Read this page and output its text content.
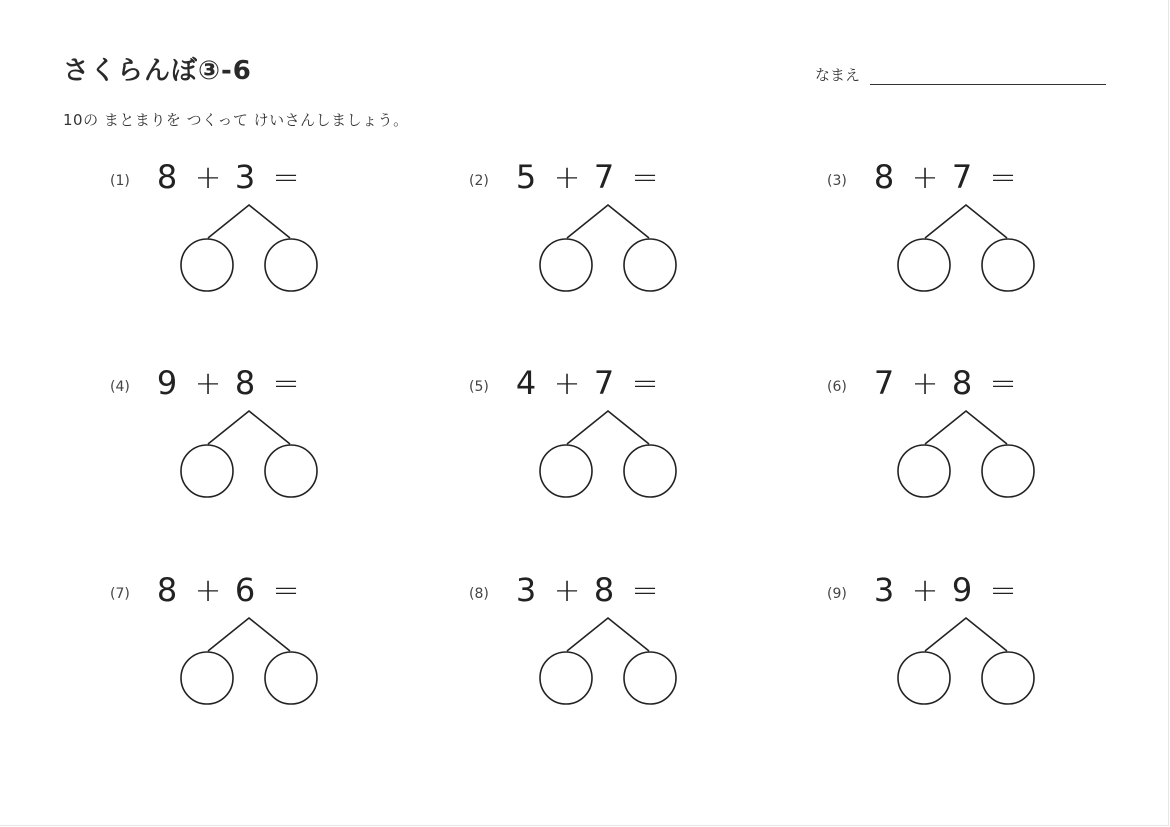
さくらんぼ③-6	なまえ
10の まとまりを つくって けいさんしましょう。
(1) 8 + 3 =	(2) 5 + 7 =	(3) 8 + 7 =
(4) 9 + 8 =	(5) 4 + 7 =	(6) 7 + 8 =
(7) 8 + 6 =	(8) 3 + 8 =	(9) 3 + 9 =
